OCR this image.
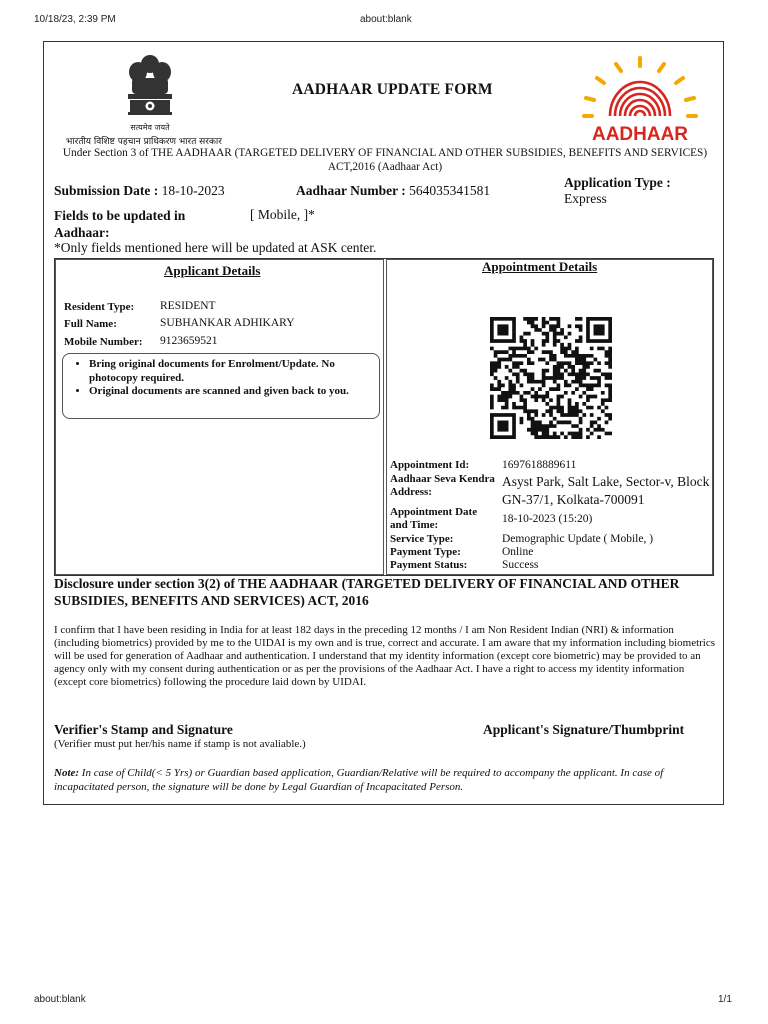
10/18/23, 2:39 PM	about:blank
about:blank	1/1
सत्यमेव जयते
भारतीय विशिष्ट पहचान प्राधिकरण भारत सरकार
AADHAAR UPDATE FORM
AADHAAR
Under Section 3 of THE AADHAAR (TARGETED DELIVERY OF FINANCIAL AND OTHER SUBSIDIES, BENEFITS AND SERVICES) ACT,2016 (Aadhaar Act)
Submission Date : 18-10-2023	Aadhaar Number : 564035341581
Application Type :
Express
Fields to be updated in Aadhaar:
[ Mobile, ]*
*Only fields mentioned here will be updated at ASK center.
Applicant Details
Resident Type: RESIDENT
Full Name:	SUBHANKAR ADHIKARY
Mobile Number: 9123659521
• Bring original documents for Enrolment/Update. No photocopy required.
• Original documents are scanned and given back to you.
Appointment Details
Appointment Id:	1697618889611
Aadhaar Seva Kendra Address:
Asyst Park, Salt Lake, Sector-v, Block GN-37/1, Kolkata-700091
Appointment Date and Time:	18-10-2023 (15:20)
Service Type:	Demographic Update ( Mobile, )
Payment Type:	Online
Payment Status:	Success
Disclosure under section 3(2) of THE AADHAAR (TARGETED DELIVERY OF FINANCIAL AND OTHER SUBSIDIES, BENEFITS AND SERVICES) ACT, 2016
I confirm that I have been residing in India for at least 182 days in the preceding 12 months / I am Non Resident Indian (NRI) & information (including biometrics) provided by me to the UIDAI is my own and is true, correct and accurate. I am aware that my information including biometrics will be used for generation of Aadhaar and authentication. I understand that my identity information (except core biometric) may be provided to an agency only with my consent during authentication or as per the provisions of the Aadhaar Act. I have a right to access my identity information (except core biometrics) following the procedure laid down by UIDAI.
Verifier's Stamp and Signature
(Verifier must put her/his name if stamp is not avaliable.)
Applicant's Signature/Thumbprint
Note: In case of Child(< 5 Yrs) or Guardian based application, Guardian/Relative will be required to accompany the applicant. In case of incapacitated person, the signature will be done by Legal Guardian of Incapacitated Person.
